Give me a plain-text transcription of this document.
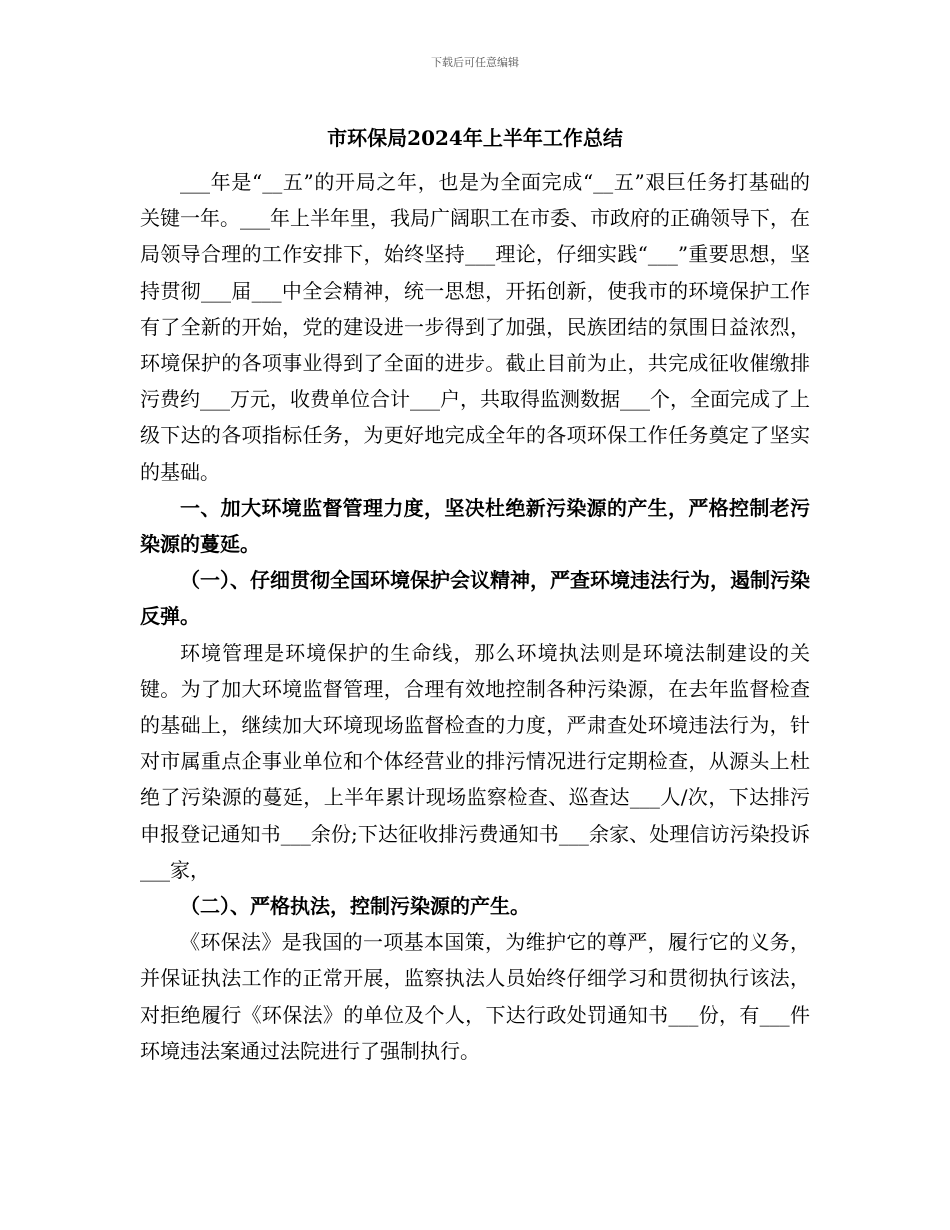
下载后可任意编辑
市环保局2024年上半年工作总结

___年是“__五”的开局之年，也是为全面完成“__五”艰巨任务打基础的关键一年。___年上半年里，我局广阔职工在市委、市政府的正确领导下，在局领导合理的工作安排下，始终坚持___理论，仔细实践“___”重要思想，坚持贯彻___届___中全会精神，统一思想，开拓创新，使我市的环境保护工作有了全新的开始，党的建设进一步得到了加强，民族团结的氛围日益浓烈，环境保护的各项事业得到了全面的进步。截止目前为止，共完成征收催缴排污费约___万元，收费单位合计___户，共取得监测数据___个，全面完成了上级下达的各项指标任务，为更好地完成全年的各项环保工作任务奠定了坚实的基础。

一、加大环境监督管理力度，坚决杜绝新污染源的产生，严格控制老污染源的蔓延。

（一）、仔细贯彻全国环境保护会议精神，严查环境违法行为，遏制污染反弹。

环境管理是环境保护的生命线，那么环境执法则是环境法制建设的关键。为了加大环境监督管理，合理有效地控制各种污染源，在去年监督检查的基础上，继续加大环境现场监督检查的力度，严肃查处环境违法行为，针对市属重点企事业单位和个体经营业的排污情况进行定期检查，从源头上杜绝了污染源的蔓延，上半年累计现场监察检查、巡查达___人/次，下达排污申报登记通知书___余份;下达征收排污费通知书___余家、处理信访污染投诉___家，

（二）、严格执法，控制污染源的产生。

《环保法》是我国的一项基本国策，为维护它的尊严，履行它的义务，并保证执法工作的正常开展，监察执法人员始终仔细学习和贯彻执行该法，对拒绝履行《环保法》的单位及个人，下达行政处罚通知书___份，有___件环境违法案通过法院进行了强制执行。
